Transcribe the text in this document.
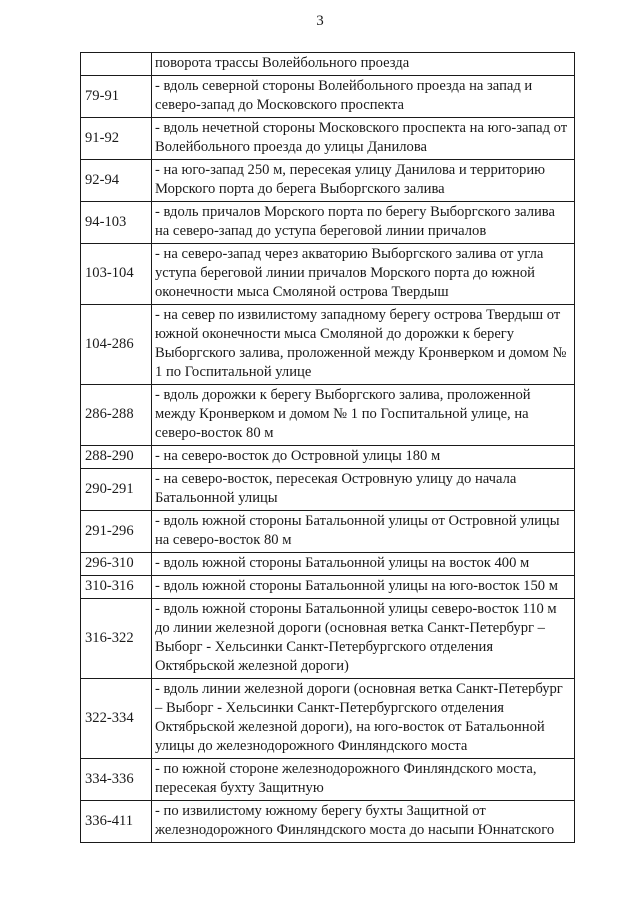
3
	поворота трассы Волейбольного проезда
79-91	- вдоль северной стороны Волейбольного проезда на запад и северо-запад до Московского проспекта
91-92	- вдоль нечетной стороны Московского проспекта на юго-запад от Волейбольного проезда до улицы Данилова
92-94	- на юго-запад 250 м, пересекая улицу Данилова и территорию Морского порта до берега Выборгского залива
94-103	- вдоль причалов Морского порта по берегу Выборгского залива на северо-запад до уступа береговой линии причалов
103-104	- на северо-запад через акваторию Выборгского залива от угла уступа береговой линии причалов Морского порта до южной оконечности мыса Смоляной острова Твердыш
104-286	- на север по извилистому западному берегу острова Твердыш от южной оконечности мыса Смоляной до дорожки к берегу Выборгского залива, проложенной между Кронверком и домом № 1 по Госпитальной улице
286-288	- вдоль дорожки к берегу Выборгского залива, проложенной между Кронверком и домом № 1 по Госпитальной улице, на северо-восток 80 м
288-290	- на северо-восток до Островной улицы 180 м
290-291	- на северо-восток, пересекая Островную улицу до начала Батальонной улицы
291-296	- вдоль южной стороны Батальонной улицы от Островной улицы на северо-восток 80 м
296-310	- вдоль южной стороны Батальонной улицы на восток 400 м
310-316	- вдоль южной стороны Батальонной улицы на юго-восток 150 м
316-322	- вдоль южной стороны Батальонной улицы северо-восток 110 м до линии железной дороги (основная ветка Санкт-Петербург – Выборг - Хельсинки Санкт-Петербургского отделения Октябрьской железной дороги)
322-334	- вдоль линии железной дороги (основная ветка Санкт-Петербург – Выборг - Хельсинки Санкт-Петербургского отделения Октябрьской железной дороги), на юго-восток от Батальонной улицы до железнодорожного Финляндского моста
334-336	- по южной стороне железнодорожного Финляндского моста, пересекая бухту Защитную
336-411	- по извилистому южному берегу бухты Защитной от железнодорожного Финляндского моста до насыпи Юннатского
